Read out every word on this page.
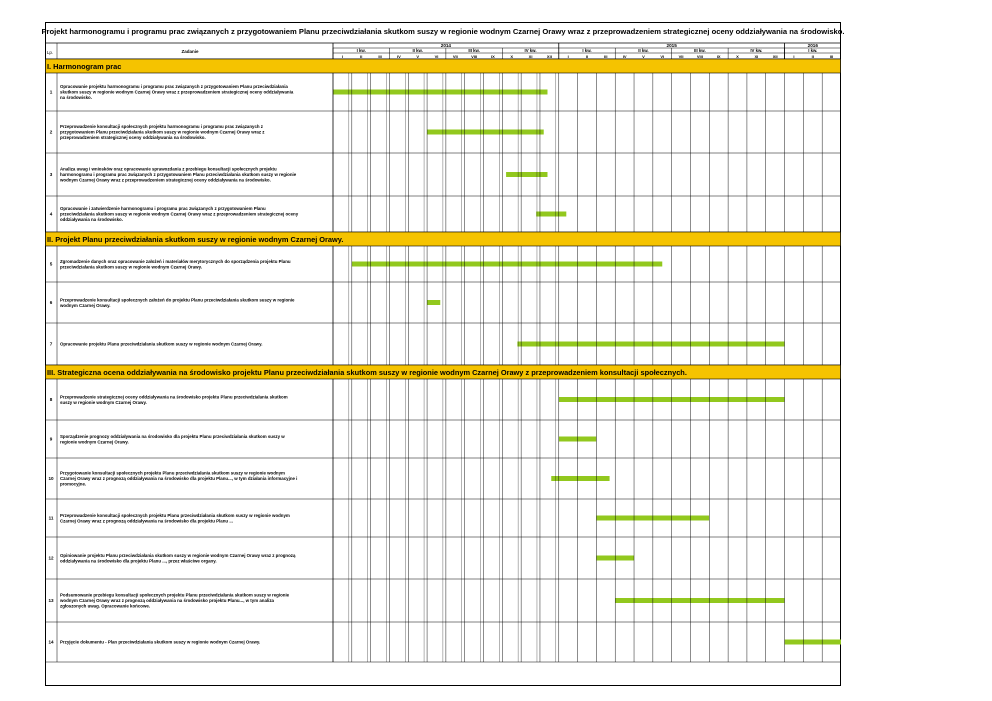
Projekt harmonogramu i programu prac związanych z przygotowaniem Planu przeciwdziałania skutkom suszy w regionie wodnym Czarnej Orawy wraz z przeprowadzeniem strategicznej oceny oddziaływania na środowisko.
Lp.	Zadanie
2014	2015	2016
I kw.	II kw.	III kw.	IV kw.	I kw.	II kw.	III kw.	IV kw.	I kw.
I	II	III	IV	V	VI	VII	VIII	IX	X	XI	XII	I	II	III	IV	V	VI	VII	VIII	IX	X	XI	XII	I	II	III
I. Harmonogram prac
1
Opracowanie projektu harmonogramu i programu prac związanych z przygotowaniem Planu przeciwdziałania
skutkom suszy w regionie wodnym Czarnej Orawy wraz z przeprowadzeniem strategicznej oceny oddziaływania
na środowisko.
2
Przeprowadzenie konsultacji społecznych projektu harmonogramu i programu prac związanych z
przygotowaniem Planu przeciwdziałania skutkom suszy w regionie wodnym Czarnej Orawy wraz z
przeprowadzeniem strategicznej oceny oddziaływania na środowisko.
3
Analiza uwag i wniosków oraz opracowanie sprawozdania z przebiegu konsultacji społecznych projektu
harmonogramu i programu prac związanych z przygotowaniem Planu przeciwdziałania skutkom suszy w regionie
wodnym Czarnej Orawy wraz z przeprowadzeniem strategicznej oceny oddziaływania na środowisko.
4
Opracowanie i zatwierdzenie harmonogramu i programu prac związanych z przygotowaniem Planu
przeciwdziałania skutkom suszy w regionie wodnym Czarnej Orawy wraz z przeprowadzeniem strategicznej oceny
oddziaływania na środowisko.
II. Projekt Planu przeciwdziałania skutkom suszy w regionie wodnym Czarnej Orawy.
5
Zgromadzenie danych oraz opracowanie założeń i materiałów merytorycznych do sporządzenia projektu Planu
przeciwdziałania skutkom suszy w regionie wodnym Czarnej Orawy.
6
Przeprowadzenie konsultacji społecznych założeń do projektu Planu przeciwdziałania skutkom suszy w regionie
wodnym Czarnej Orawy.
7 Opracowanie projektu Planu przeciwdziałania skutkom suszy w regionie wodnym Czarnej Orawy.
III. Strategiczna ocena oddziaływania na środowisko projektu Planu przeciwdziałania skutkom suszy w regionie wodnym Czarnej Orawy z przeprowadzeniem konsultacji społecznych.
8
Przeprowadzenie strategicznej oceny oddziaływania na środowisko projektu Planu przeciwdziałania skutkom
suszy w regionie wodnym Czarnej Orawy.
9
Sporządzenie prognozy oddziaływania na środowisko dla projektu Planu przeciwdziałania skutkom suszy w
regionie wodnym Czarnej Orawy.
10
Przygotowanie konsultacji społecznych projektu Planu przeciwdziałania skutkom suszy w regionie wodnym
Czarnej Orawy wraz z prognozą oddziaływania na środowisko dla projektu Planu..., w tym działania informacyjne i
promocyjne.
11
Przeprowadzenie konsultacji społecznych projektu Planu przeciwdziałania skutkom suszy w regionie wodnym
Czarnej Orawy wraz z prognozą oddziaływania na środowisko dla projektu Planu ...
12
Opiniowanie projektu Planu przeciwdziałania skutkom suszy w regionie wodnym Czarnej Orawy wraz z prognozą
oddziaływania na środowisko dla projektu Planu ..., przez właściwe organy.
13
Podsumowanie przebiegu konsultacji społecznych projektu Planu przeciwdziałania skutkom suszy w regionie
wodnym Czarnej Orawy wraz z prognozą oddziaływania na środowisko projektu Planu..., w tym analiza
zgłoszonych uwag. Opracowanie końcowe.
14 Przyjęcie dokumentu - Plan przeciwdziałania skutkom suszy w regionie wodnym Czarnej Orawy.
